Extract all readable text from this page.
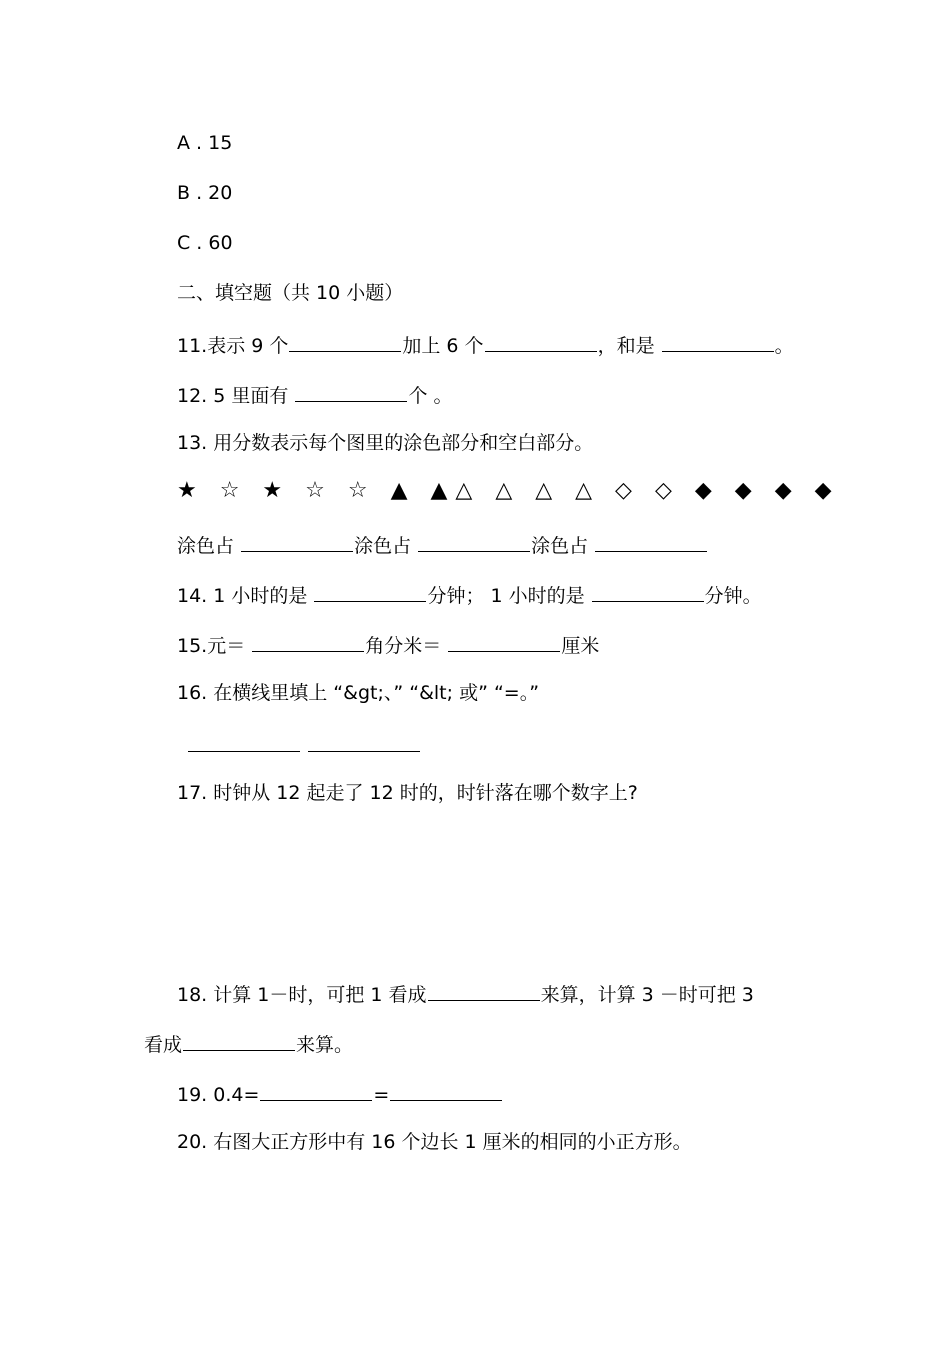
A . 15
B . 20
C . 60
二、填空题（共 10 小题）
11.表示 9 个	加上 6 个	，和是	。
12. 5 里面有	个 。
13. 用分数表示每个图里的涂色部分和空白部分。
★ ☆ ★ ☆ ☆ ▲ ▲△ △ △ △ ◇ ◇ ◆ ◆ ◆ ◆
涂色占	涂色占	涂色占
14. 1 小时的是	分钟； 1 小时的是	分钟。
15.元＝	角分米＝	厘米
16. 在横线里填上 “&gt;、” “&lt; 或” “=。”

17. 时钟从 12 起走了 12 时的，时针落在哪个数字上?
18. 计算 1－时，可把 1 看成	来算，计算 3 －时可把 3
看成	来算。
19. 0.4=	=
20. 右图大正方形中有 16 个边长 1 厘米的相同的小正方形。
